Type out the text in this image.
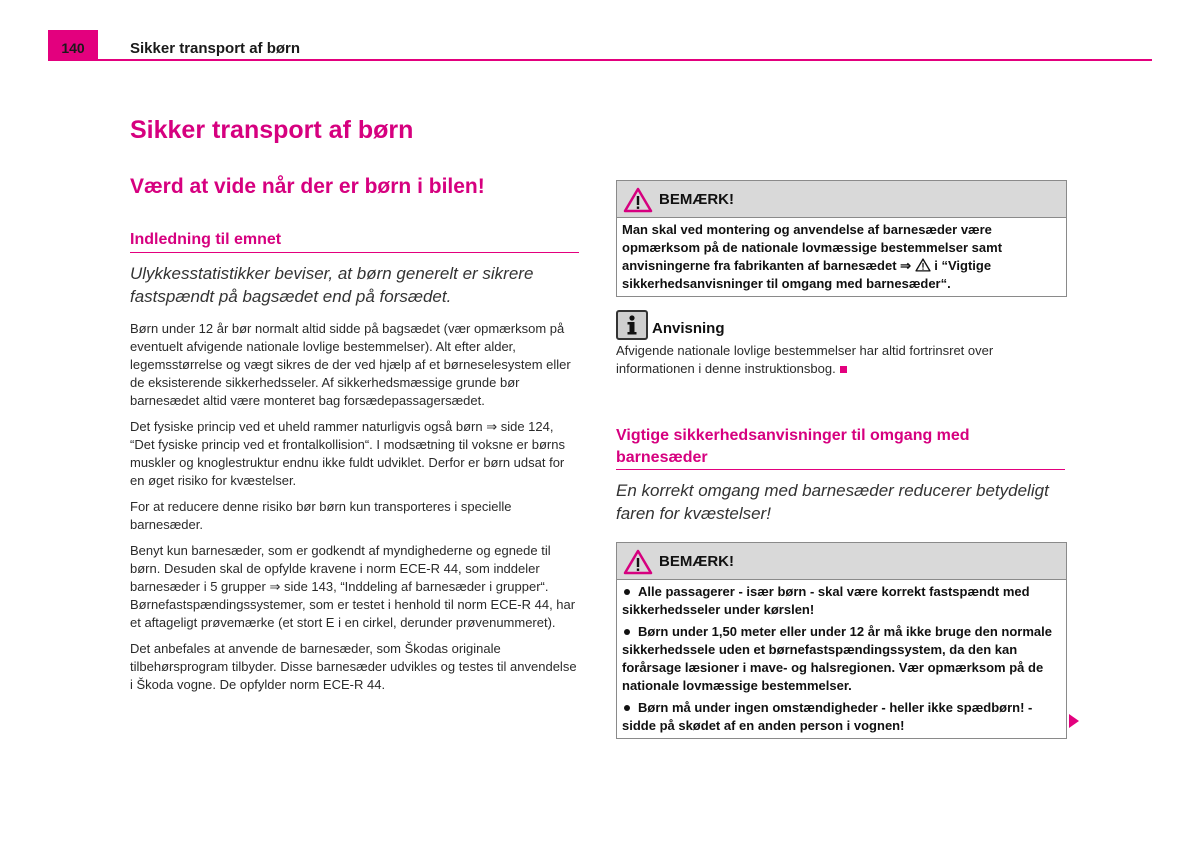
140	Sikker transport af børn
Sikker transport af børn
Værd at vide når der er børn i bilen!
Indledning til emnet
Ulykkesstatistikker beviser, at børn generelt er sikrere fastspændt på bagsædet end på forsædet.

Børn under 12 år bør normalt altid sidde på bagsædet (vær opmærksom på eventuelt afvigende nationale lovlige bestemmelser). Alt efter alder, legemsstørrelse og vægt sikres de der ved hjælp af et børneselesystem eller de eksisterende sikkerhedsseler. Af sikkerhedsmæssige grunde bør barnesædet altid være monteret bag forsædepassagersædet.

Det fysiske princip ved et uheld rammer naturligvis også børn ⇒ side 124, “Det fysiske princip ved et frontalkollision“. I modsætning til voksne er børns muskler og knoglestruktur endnu ikke fuldt udviklet. Derfor er børn udsat for en øget risiko for kvæstelser.

For at reducere denne risiko bør børn kun transporteres i specielle barnesæder.

Benyt kun barnesæder, som er godkendt af myndighederne og egnede til børn. Desuden skal de opfylde kravene i norm ECE-R 44, som inddeler barnesæder i 5 grupper ⇒ side 143, “Inddeling af barnesæder i grupper“. Børnefastspændingssystemer, som er testet i henhold til norm ECE-R 44, har et aftageligt prøvemærke (et stort E i en cirkel, derunder prøvenummeret).

Det anbefales at anvende de barnesæder, som Škodas originale tilbehørsprogram tilbyder. Disse barnesæder udvikles og testes til anvendelse i Škoda vogne. De opfylder norm ECE-R 44.

BEMÆRK!
Man skal ved montering og anvendelse af barnesæder være opmærksom på de nationale lovmæssige bestemmelser samt anvisningerne fra fabrikanten af barnesædet ⇒  i “Vigtige sikkerhedsanvisninger til omgang med barnesæder“.
Anvisning
Afvigende nationale lovlige bestemmelser har altid fortrinsret over informationen i denne instruktionsbog.
Vigtige sikkerhedsanvisninger til omgang med barnesæder
En korrekt omgang med barnesæder reducerer betydeligt faren for kvæstelser!
BEMÆRK!

Alle passagerer - især børn - skal være korrekt fastspændt med sikkerhedsseler under kørslen!

Børn under 1,50 meter eller under 12 år må ikke bruge den normale sikkerhedssele uden et børnefastspændingssystem, da den kan forårsage læsioner i mave- og halsregionen. Vær opmærksom på de nationale lovmæssige bestemmelser.

Børn må under ingen omstændigheder - heller ikke spædbørn! - sidde på skødet af en anden person i vognen!
